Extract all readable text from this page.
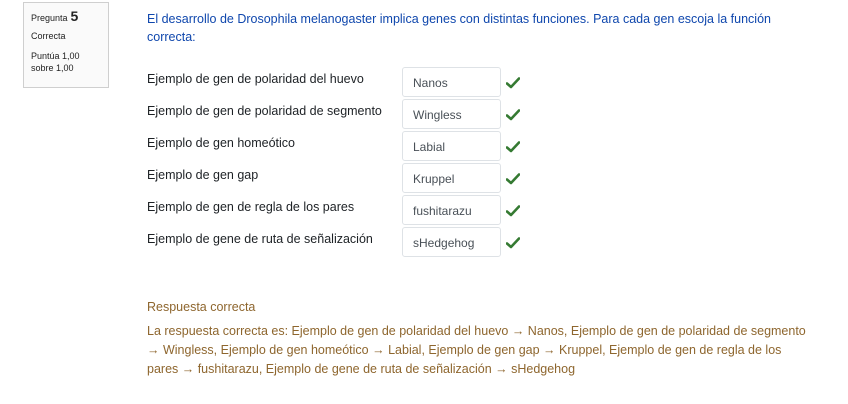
Pregunta 5
Correcta
Puntúa 1,00 sobre 1,00

El desarrollo de Drosophila melanogaster implica genes con distintas funciones. Para cada gen escoja la función correcta:

Ejemplo de gen de polaridad del huevo	Nanos
Ejemplo de gen de polaridad de segmento	Wingless
Ejemplo de gen homeótico	Labial
Ejemplo de gen gap	Kruppel
Ejemplo de gen de regla de los pares	fushitarazu
Ejemplo de gene de ruta de señalización	sHedgehog

Respuesta correcta

La respuesta correcta es: Ejemplo de gen de polaridad del huevo → Nanos, Ejemplo de gen de polaridad de segmento → Wingless, Ejemplo de gen homeótico → Labial, Ejemplo de gen gap → Kruppel, Ejemplo de gen de regla de los pares → fushitarazu, Ejemplo de gene de ruta de señalización → sHedgehog
